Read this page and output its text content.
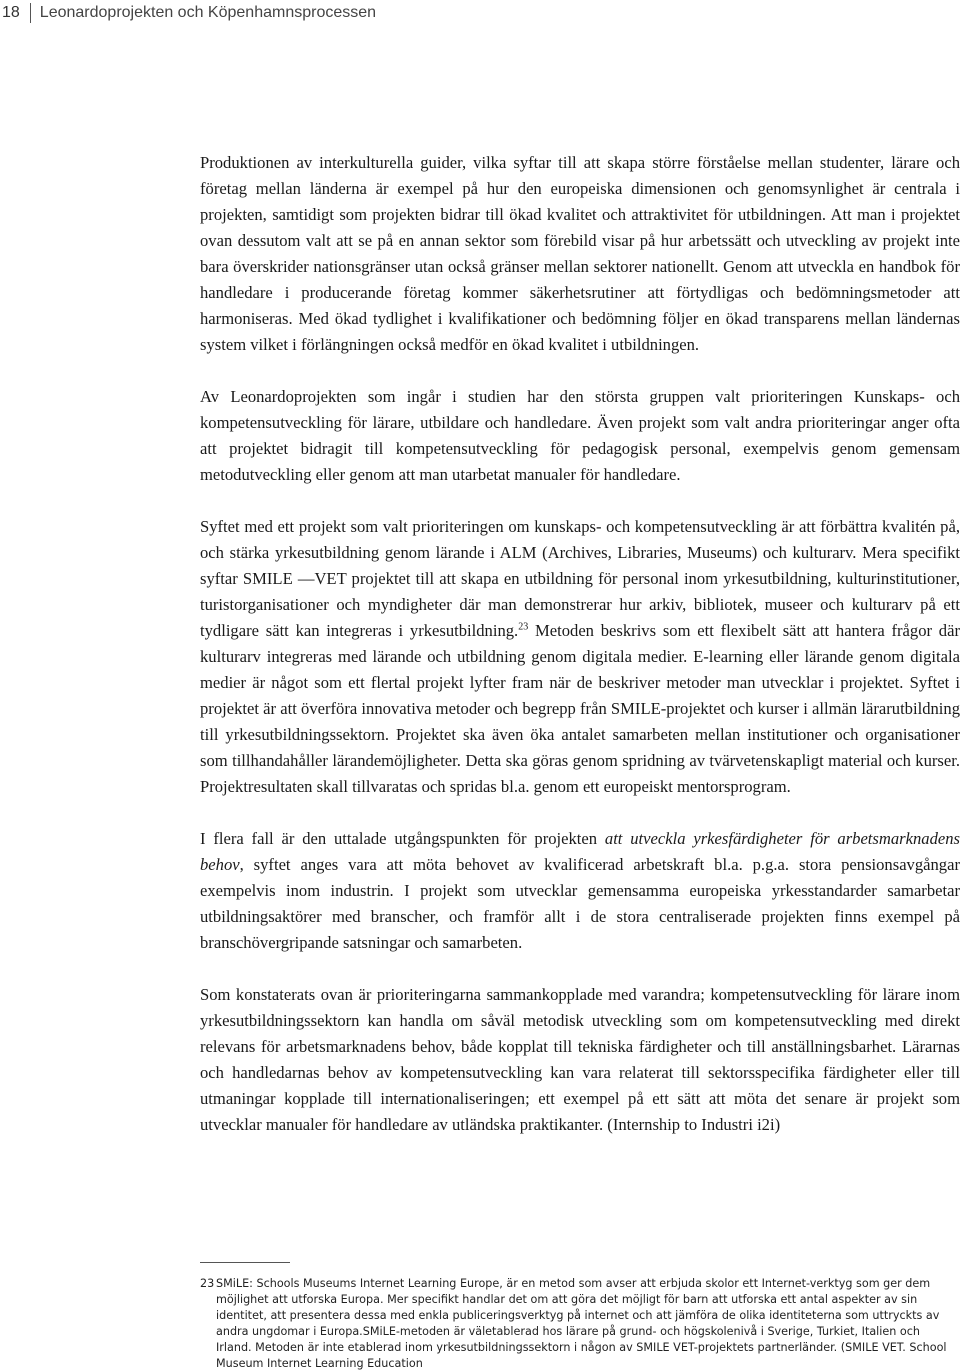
18	Leonardoprojekten och Köpenhamnsprocessen

Produktionen av interkulturella guider, vilka syftar till att skapa större förståelse mellan studenter, lärare och företag mellan länderna är exempel på hur den europeiska dimensionen och genomsynlighet är centrala i projekten, samtidigt som projekten bidrar till ökad kvalitet och attraktivitet för utbildningen. Att man i projektet ovan dessutom valt att se på en annan sektor som förebild visar på hur arbetssätt och utveckling av projekt inte bara överskrider nationsgränser utan också gränser mellan sektorer nationellt. Genom att utveckla en handbok för handledare i producerande företag kommer säkerhetsrutiner att förtydligas och bedömningsmetoder att harmoniseras. Med ökad tydlighet i kvalifikationer och bedömning följer en ökad transparens mellan ländernas system vilket i förlängningen också medför en ökad kvalitet i utbildningen.

Av Leonardoprojekten som ingår i studien har den största gruppen valt prioriteringen Kunskaps- och kompetensutveckling för lärare, utbildare och handledare. Även projekt som valt andra prioriteringar anger ofta att projektet bidragit till kompetensutveckling för pedagogisk personal, exempelvis genom gemensam metodutveckling eller genom att man utarbetat manualer för handledare.

Syftet med ett projekt som valt prioriteringen om kunskaps- och kompetensutveckling är att förbättra kvalitén på, och stärka yrkesutbildning genom lärande i ALM (Archives, Libraries, Museums) och kulturarv. Mera specifikt syftar SMILE —VET projektet till att skapa en utbildning för personal inom yrkesutbildning, kulturinstitutioner, turistorganisationer och myndigheter där man demonstrerar hur arkiv, bibliotek, museer och kulturarv på ett tydligare sätt kan integreras i yrkesutbildning.$^{23}$ Metoden beskrivs som ett flexibelt sätt att hantera frågor där kulturarv integreras med lärande och utbildning genom digitala medier. E-learning eller lärande genom digitala medier är något som ett flertal projekt lyfter fram när de beskriver metoder man utvecklar i projektet. Syftet i projektet är att överföra innovativa metoder och begrepp från SMILE-projektet och kurser i allmän lärarutbildning till yrkesutbildningssektorn. Projektet ska även öka antalet samarbeten mellan institutioner och organisationer som tillhandahåller lärandemöjligheter. Detta ska göras genom spridning av tvärvetenskapligt material och kurser. Projektresultaten skall tillvaratas och spridas bl.a. genom ett europeiskt mentorsprogram.

I flera fall är den uttalade utgångspunkten för projekten att utveckla yrkesfärdigheter för arbetsmarknadens behov, syftet anges vara att möta behovet av kvalificerad arbetskraft bl.a. p.g.a. stora pensionsavgångar exempelvis inom industrin. I projekt som utvecklar gemensamma europeiska yrkesstandarder samarbetar utbildningsaktörer med branscher, och framför allt i de stora centraliserade projekten finns exempel på branschövergripande satsningar och samarbeten.

Som konstaterats ovan är prioriteringarna sammankopplade med varandra; kompetensutveckling för lärare inom yrkesutbildningssektorn kan handla om såväl metodisk utveckling som om kompetensutveckling med direkt relevans för arbetsmarknadens behov, både kopplat till tekniska färdigheter och till anställningsbarhet. Lärarnas och handledarnas behov av kompetensutveckling kan vara relaterat till sektorsspecifika färdigheter eller till utmaningar kopplade till internationaliseringen; ett exempel på ett sätt att möta det senare är projekt som utvecklar manualer för handledare av utländska praktikanter. (Internship to Industri i2i)

23 SMiLE: Schools Museums Internet Learning Europe, är en metod som avser att erbjuda skolor ett Internet-verktyg som ger dem möjlighet att utforska Europa. Mer specifikt handlar det om att göra det möjligt för barn att utforska ett antal aspekter av sin identitet, att presentera dessa med enkla publiceringsverktyg på internet och att jämföra de olika identiteterna som uttryckts av andra ungdomar i Europa.SMiLE-metoden är väletablerad hos lärare på grund- och högskolenivå i Sverige, Turkiet, Italien och Irland. Metoden är inte etablerad inom yrkesutbildningssektorn i någon av SMILE VET-projektets partnerländer. (SMILE VET. School Museum Internet Learning Education
